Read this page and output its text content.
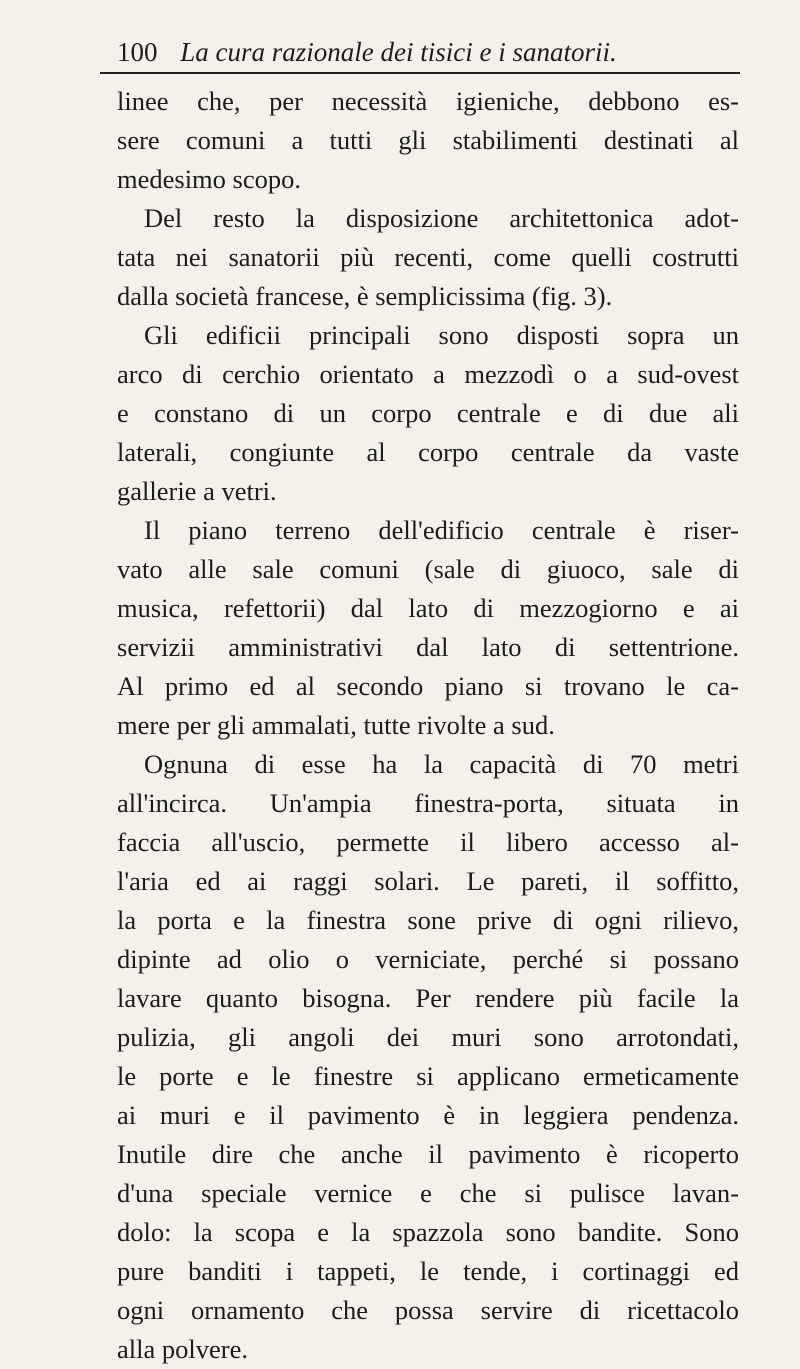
100 La cura razionale dei tisici e i sanatorii.
linee che, per necessità igieniche, debbono es-
sere comuni a tutti gli stabilimenti destinati al
medesimo scopo.
Del resto la disposizione architettonica adot-
tata nei sanatorii più recenti, come quelli costrutti
dalla società francese, è semplicissima (fig. 3).
Gli edificii principali sono disposti sopra un
arco di cerchio orientato a mezzodì o a sud-ovest
e constano di un corpo centrale e di due ali
laterali, congiunte al corpo centrale da vaste
gallerie a vetri.
Il piano terreno dell'edificio centrale è riser-
vato alle sale comuni (sale di giuoco, sale di
musica, refettorii) dal lato di mezzogiorno e ai
servizii amministrativi dal lato di settentrione.
Al primo ed al secondo piano si trovano le ca-
mere per gli ammalati, tutte rivolte a sud.
Ognuna di esse ha la capacità di 70 metri
all'incirca. Un'ampia finestra-porta, situata in
faccia all'uscio, permette il libero accesso al-
l'aria ed ai raggi solari. Le pareti, il soffitto,
la porta e la finestra sone prive di ogni rilievo,
dipinte ad olio o verniciate, perché si possano
lavare quanto bisogna. Per rendere più facile la
pulizia, gli angoli dei muri sono arrotondati,
le porte e le finestre si applicano ermeticamente
ai muri e il pavimento è in leggiera pendenza.
Inutile dire che anche il pavimento è ricoperto
d'una speciale vernice e che si pulisce lavan-
dolo: la scopa e la spazzola sono bandite. Sono
pure banditi i tappeti, le tende, i cortinaggi ed
ogni ornamento che possa servire di ricettacolo
alla polvere.
